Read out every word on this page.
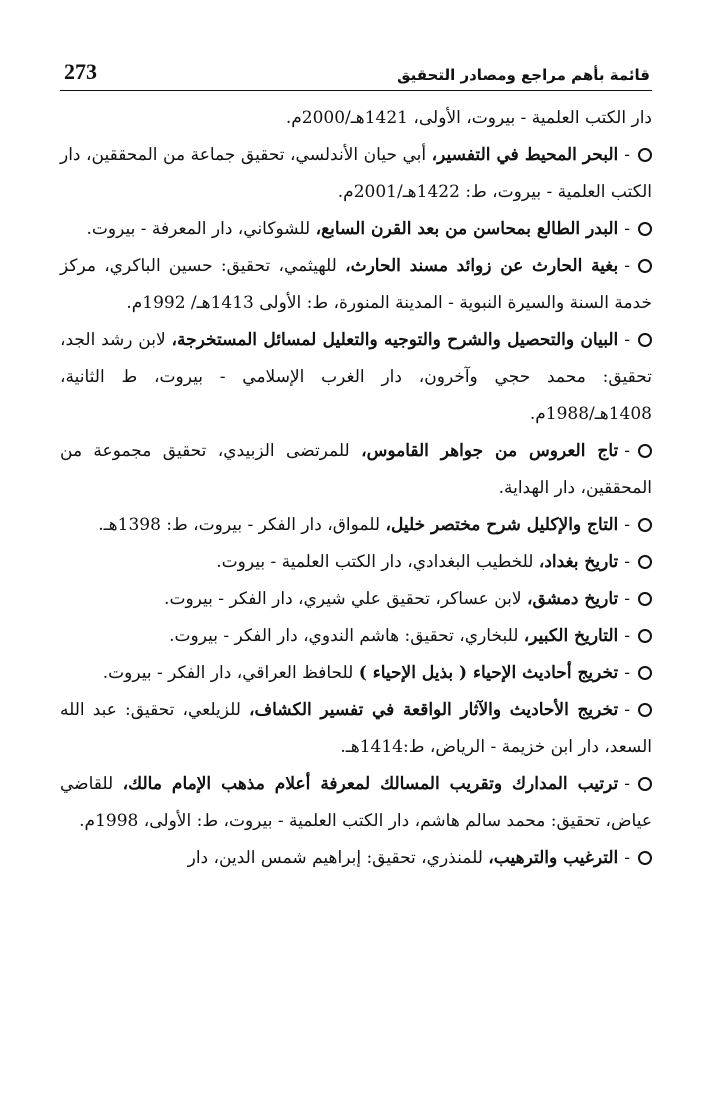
273	قائمة بأهم مراجع ومصادر التحقيق

دار الكتب العلمية - بيروت، الأولى، 1421هـ/2000م.

-البحر المحيط في التفسير، أبي حيان الأندلسي، تحقيق جماعة من المحققين، دار الكتب العلمية - بيروت، ط: 1422هـ/2001م.

-البدر الطالع بمحاسن من بعد القرن السابع، للشوكاني، دار المعرفة - بيروت.

-بغية الحارث عن زوائد مسند الحارث، للهيثمي، تحقيق: حسين الباكري، مركز خدمة السنة والسيرة النبوية - المدينة المنورة، ط: الأولى 1413هـ/ 1992م.

-البيان والتحصيل والشرح والتوجيه والتعليل لمسائل المستخرجة، لابن رشد الجد، تحقيق: محمد حجي وآخرون، دار الغرب الإسلامي - بيروت، ط الثانية، 1408هـ/1988م.

-تاج العروس من جواهر القاموس، للمرتضى الزبيدي، تحقيق مجموعة من المحققين، دار الهداية.

-التاج والإكليل شرح مختصر خليل، للمواق، دار الفكر - بيروت، ط: 1398هـ.

-تاريخ بغداد، للخطيب البغدادي، دار الكتب العلمية - بيروت.

-تاريخ دمشق، لابن عساكر، تحقيق علي شيري، دار الفكر - بيروت.

-التاريخ الكبير، للبخاري، تحقيق: هاشم الندوي، دار الفكر - بيروت.

-تخريج أحاديث الإحياء ( بذيل الإحياء ) للحافظ العراقي، دار الفكر - بيروت.

-تخريج الأحاديث والآثار الواقعة في تفسير الكشاف، للزيلعي، تحقيق: عبد الله السعد، دار ابن خزيمة - الرياض، ط:1414هـ.

-ترتيب المدارك وتقريب المسالك لمعرفة أعلام مذهب الإمام مالك، للقاضي عياض، تحقيق: محمد سالم هاشم، دار الكتب العلمية - بيروت، ط: الأولى، 1998م.

-الترغيب والترهيب، للمنذري، تحقيق: إبراهيم شمس الدين، دار
